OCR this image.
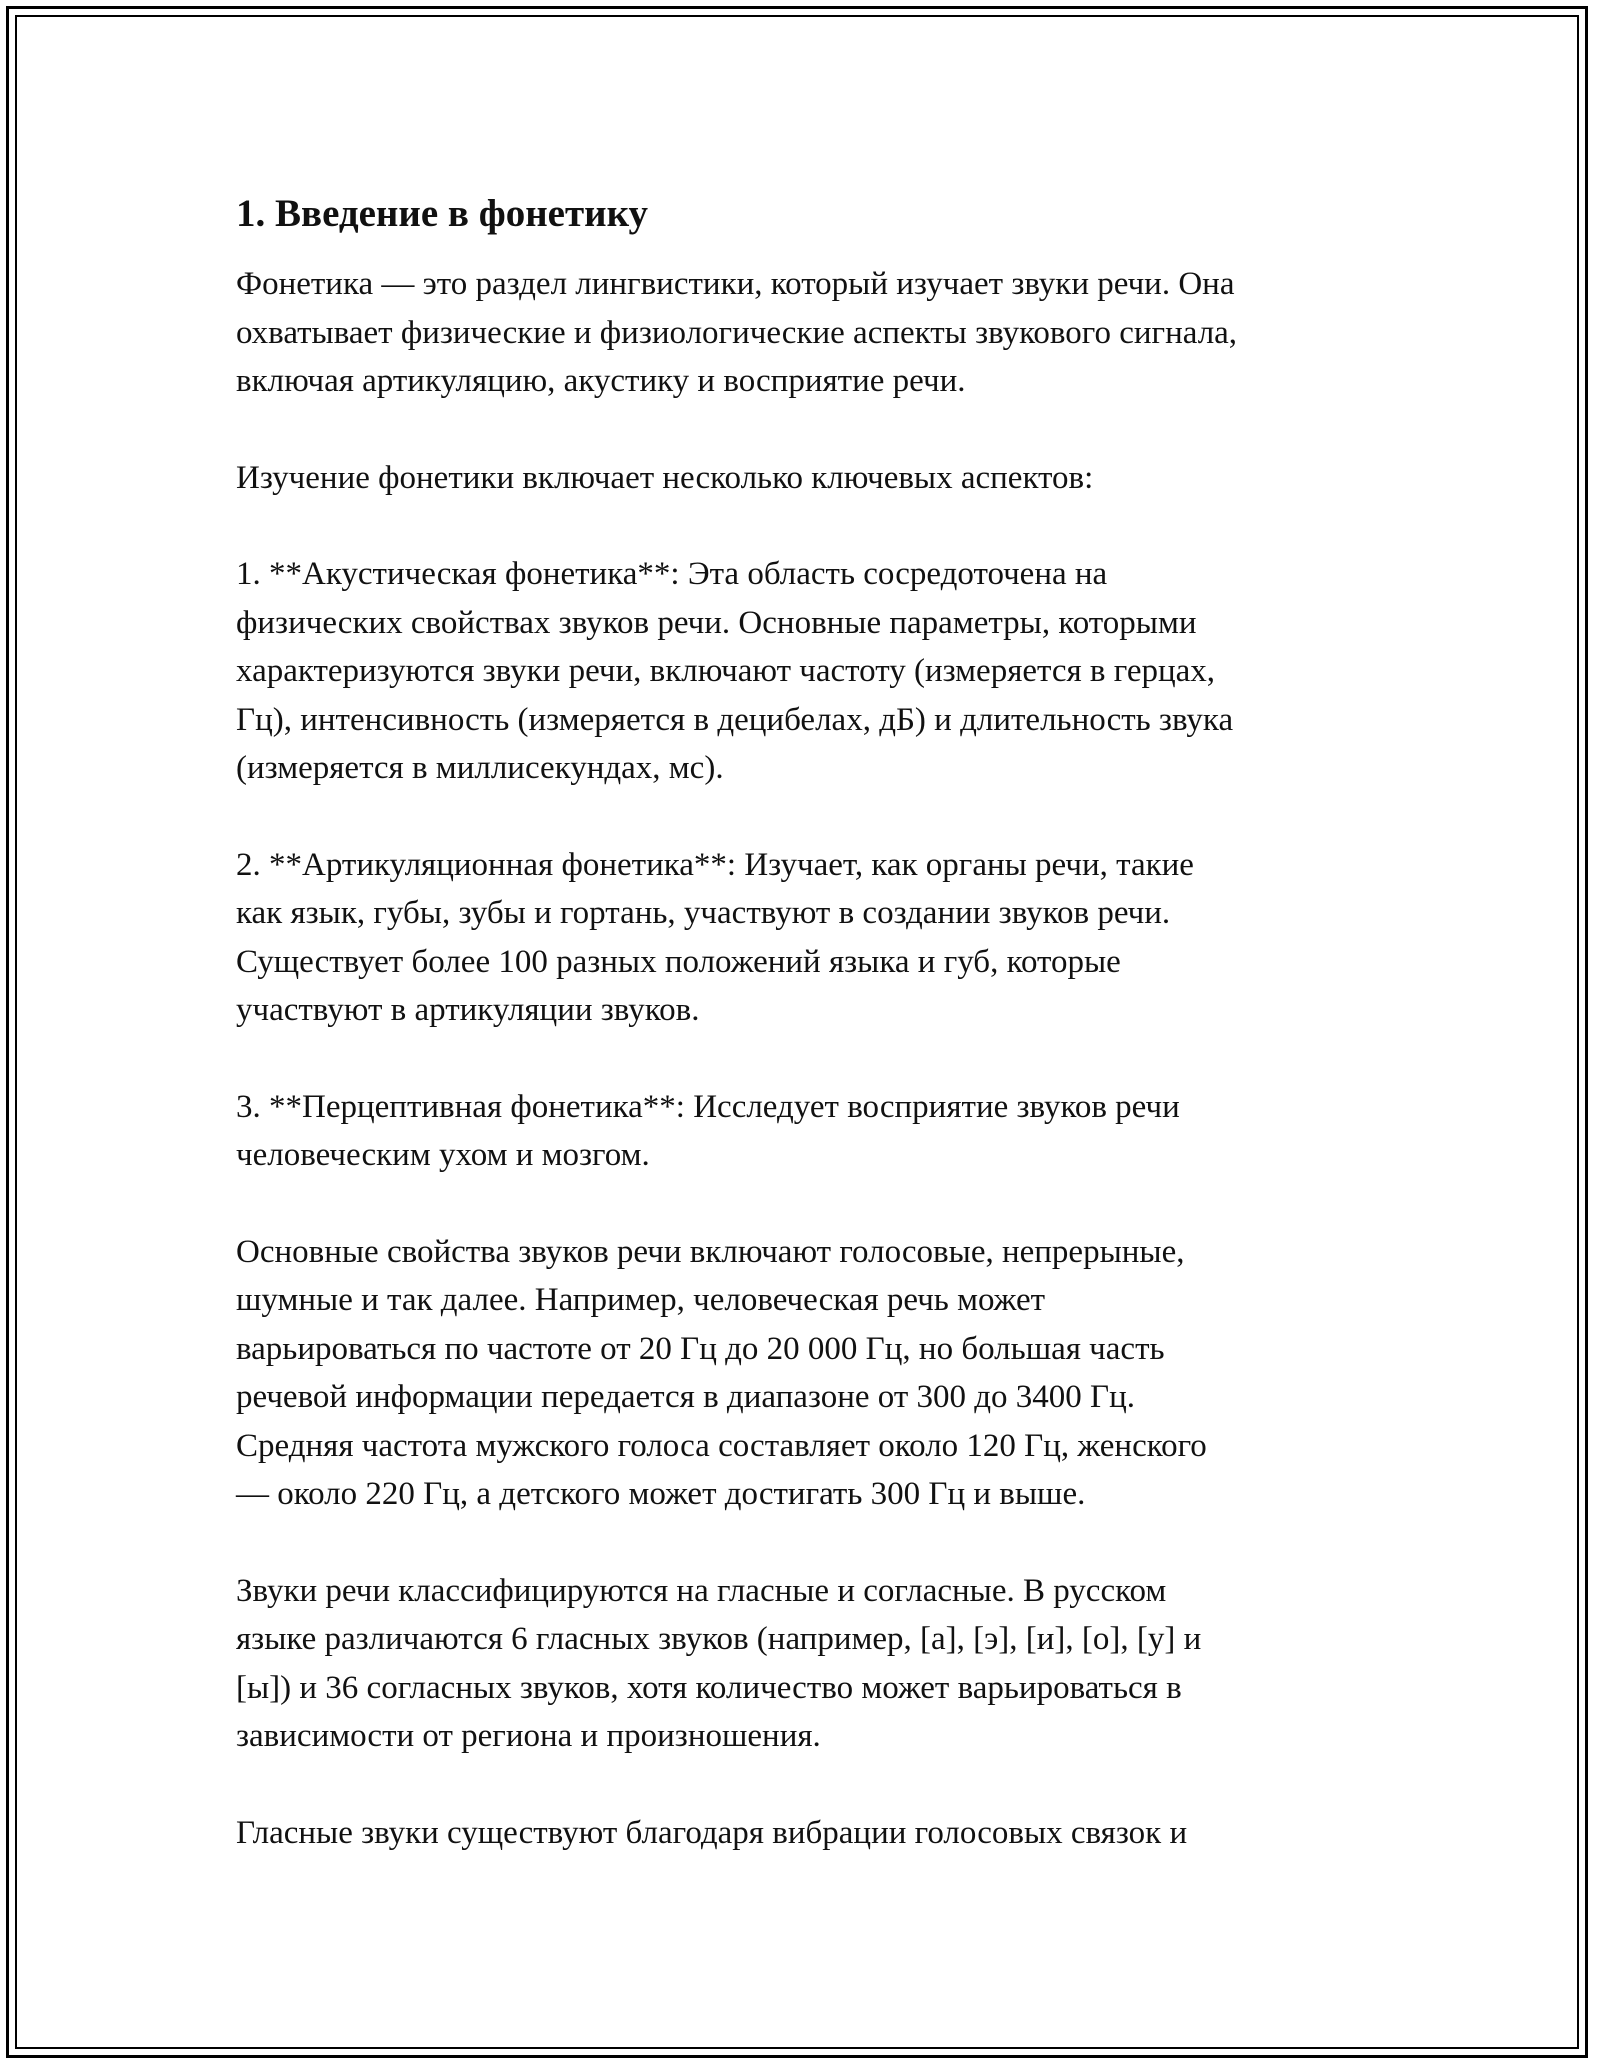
1. Введение в фонетику
Фонетика — это раздел лингвистики, который изучает звуки речи. Она
охватывает физические и физиологические аспекты звукового сигнала,
включая артикуляцию, акустику и восприятие речи.
Изучение фонетики включает несколько ключевых аспектов:
1. **Акустическая фонетика**: Эта область сосредоточена на
физических свойствах звуков речи. Основные параметры, которыми
характеризуются звуки речи, включают частоту (измеряется в герцах,
Гц), интенсивность (измеряется в децибелах, дБ) и длительность звука
(измеряется в миллисекундах, мс).
2. **Артикуляционная фонетика**: Изучает, как органы речи, такие
как язык, губы, зубы и гортань, участвуют в создании звуков речи.
Существует более 100 разных положений языка и губ, которые
участвуют в артикуляции звуков.
3. **Перцептивная фонетика**: Исследует восприятие звуков речи
человеческим ухом и мозгом.
Основные свойства звуков речи включают голосовые, непрерыные,
шумные и так далее. Например, человеческая речь может
варьироваться по частоте от 20 Гц до 20 000 Гц, но большая часть
речевой информации передается в диапазоне от 300 до 3400 Гц.
Средняя частота мужского голоса составляет около 120 Гц, женского
— около 220 Гц, а детского может достигать 300 Гц и выше.
Звуки речи классифицируются на гласные и согласные. В русском
языке различаются 6 гласных звуков (например, [а], [э], [и], [о], [у] и
[ы]) и 36 согласных звуков, хотя количество может варьироваться в
зависимости от региона и произношения.
Гласные звуки существуют благодаря вибрации голосовых связок и
